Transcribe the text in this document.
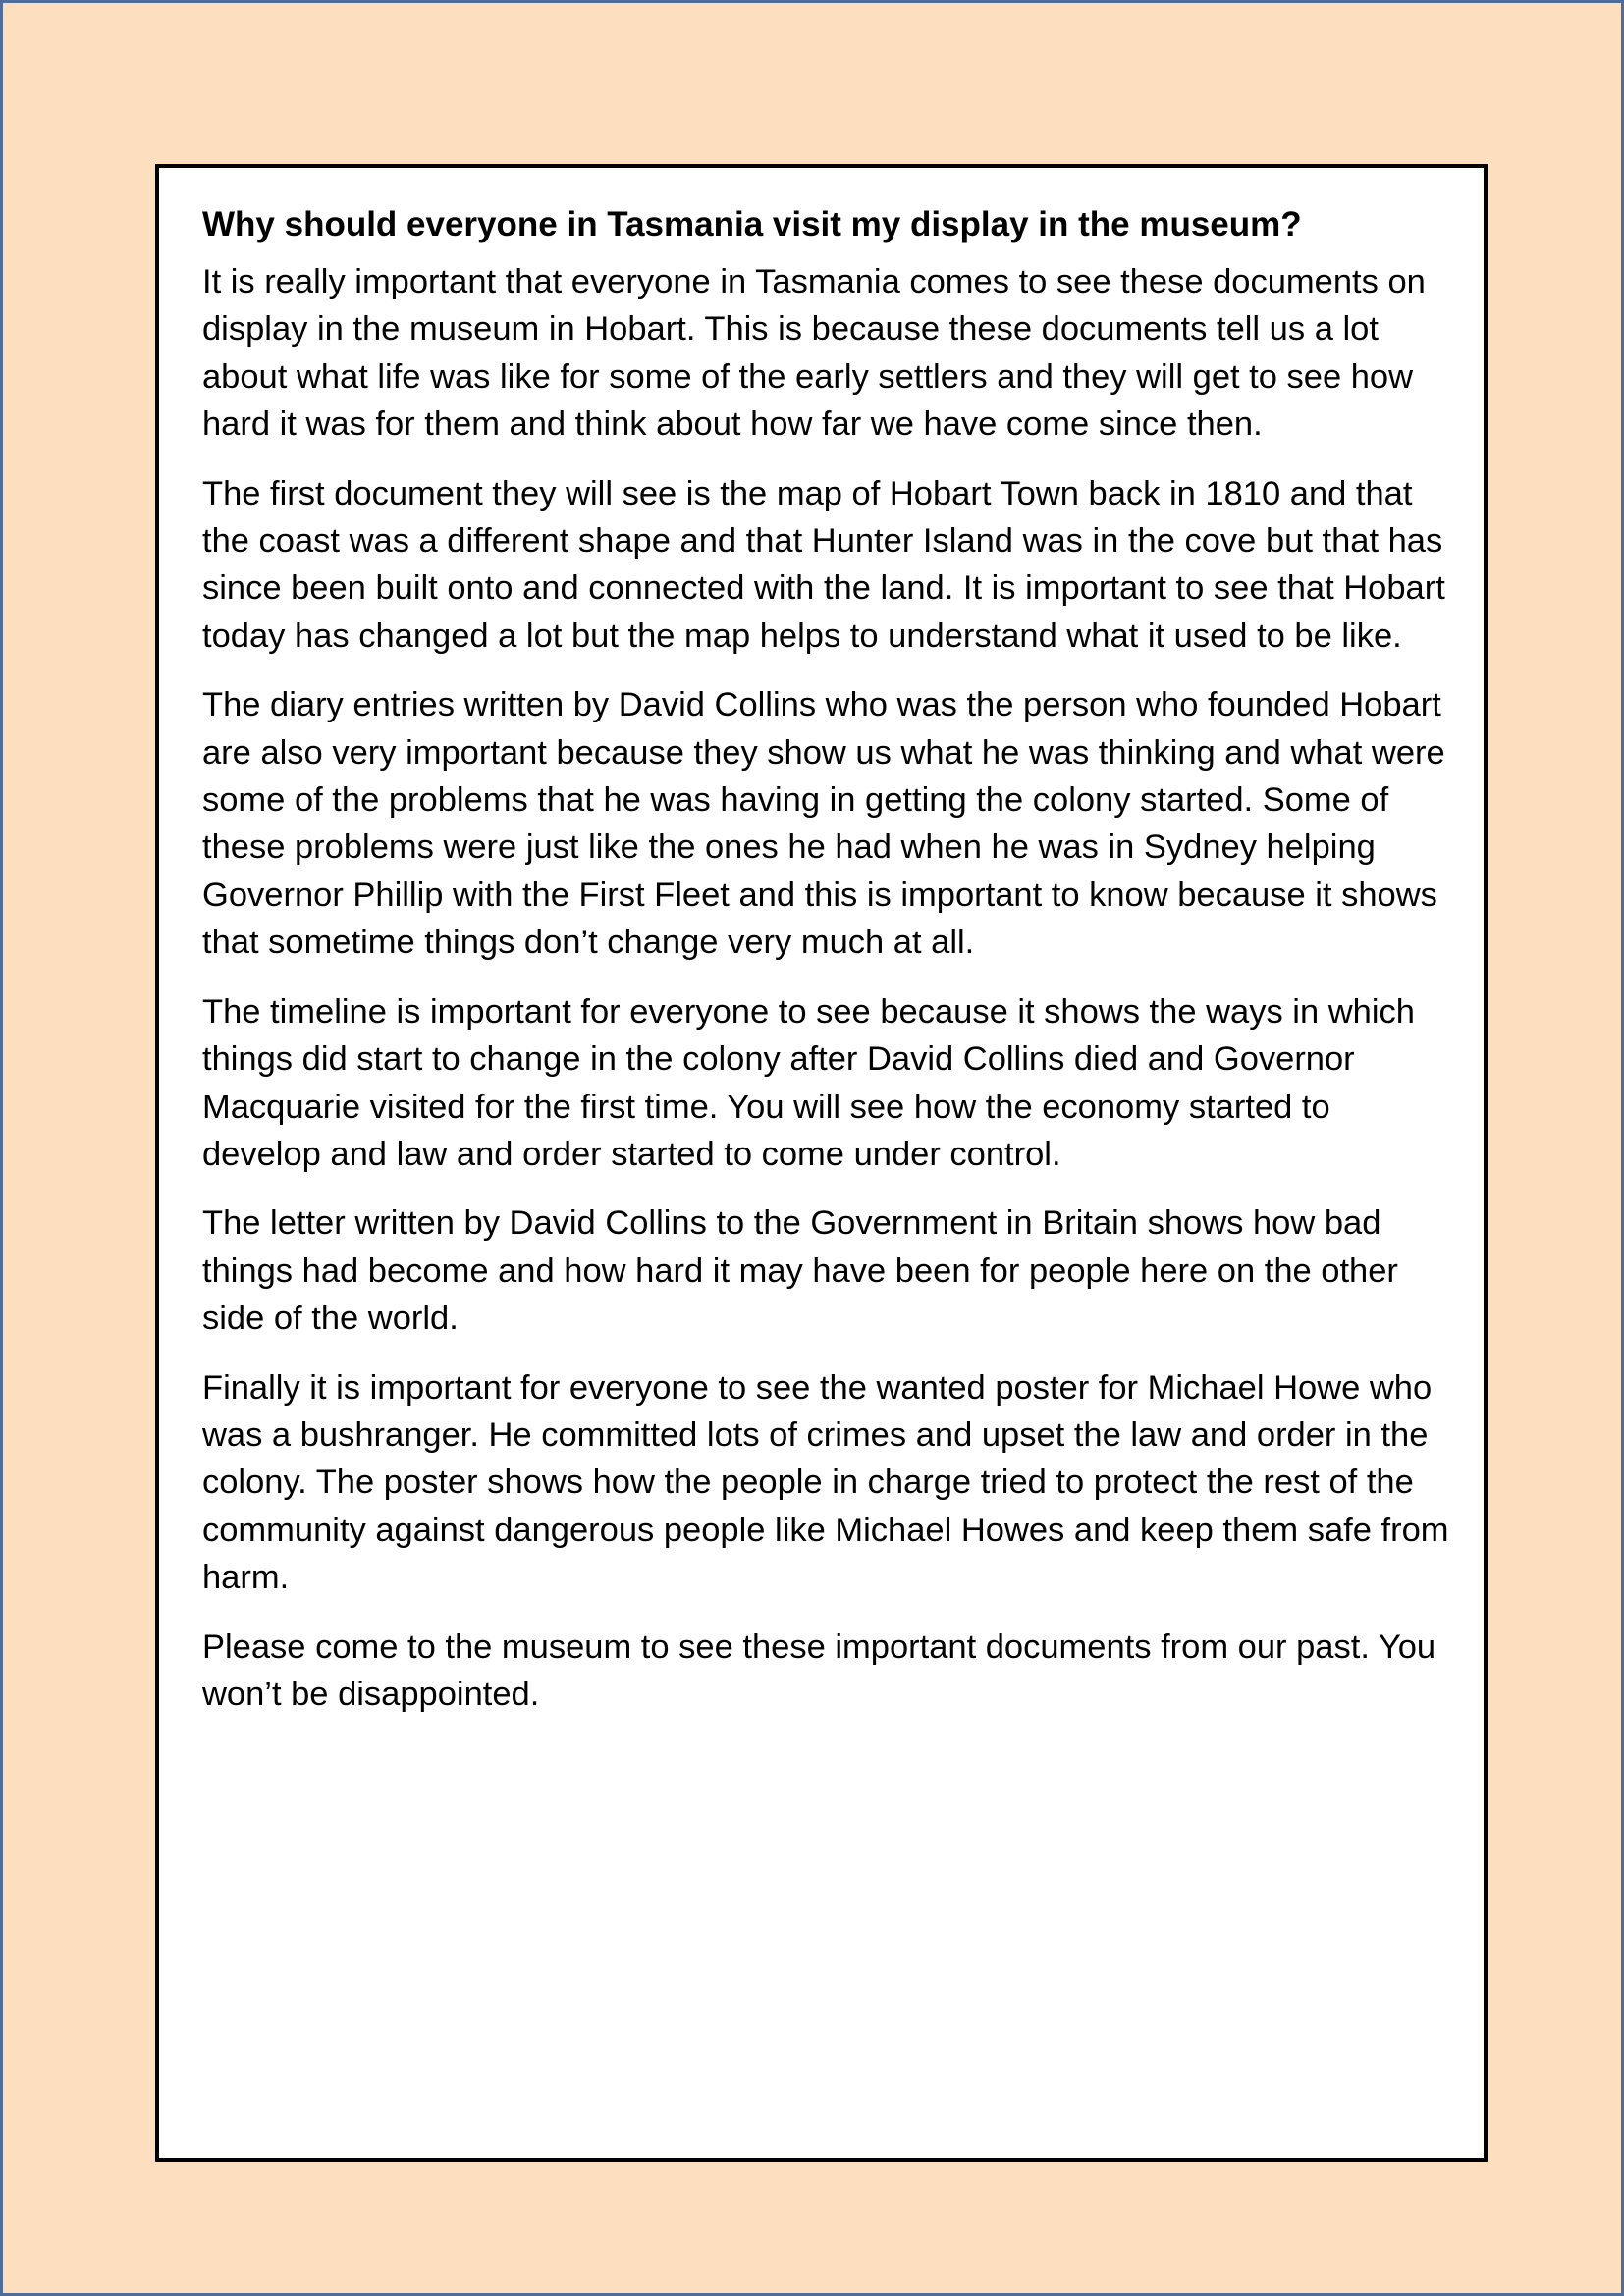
Why should everyone in Tasmania visit my display in the museum?

It is really important that everyone in Tasmania comes to see these documents on display in the museum in Hobart. This is because these documents tell us a lot about what life was like for some of the early settlers and they will get to see how hard it was for them and think about how far we have come since then.

The first document they will see is the map of Hobart Town back in 1810 and that the coast was a different shape and that Hunter Island was in the cove but that has since been built onto and connected with the land. It is important to see that Hobart today has changed a lot but the map helps to understand what it used to be like.

The diary entries written by David Collins who was the person who founded Hobart are also very important because they show us what he was thinking and what were some of the problems that he was having in getting the colony started. Some of these problems were just like the ones he had when he was in Sydney helping Governor Phillip with the First Fleet and this is important to know because it shows that sometime things don’t change very much at all.

The timeline is important for everyone to see because it shows the ways in which things did start to change in the colony after David Collins died and Governor Macquarie visited for the first time. You will see how the economy started to develop and law and order started to come under control.

The letter written by David Collins to the Government in Britain shows how bad things had become and how hard it may have been for people here on the other side of the world.

Finally it is important for everyone to see the wanted poster for Michael Howe who was a bushranger. He committed lots of crimes and upset the law and order in the colony. The poster shows how the people in charge tried to protect the rest of the community against dangerous people like Michael Howes and keep them safe from harm.

Please come to the museum to see these important documents from our past. You won’t be disappointed.
